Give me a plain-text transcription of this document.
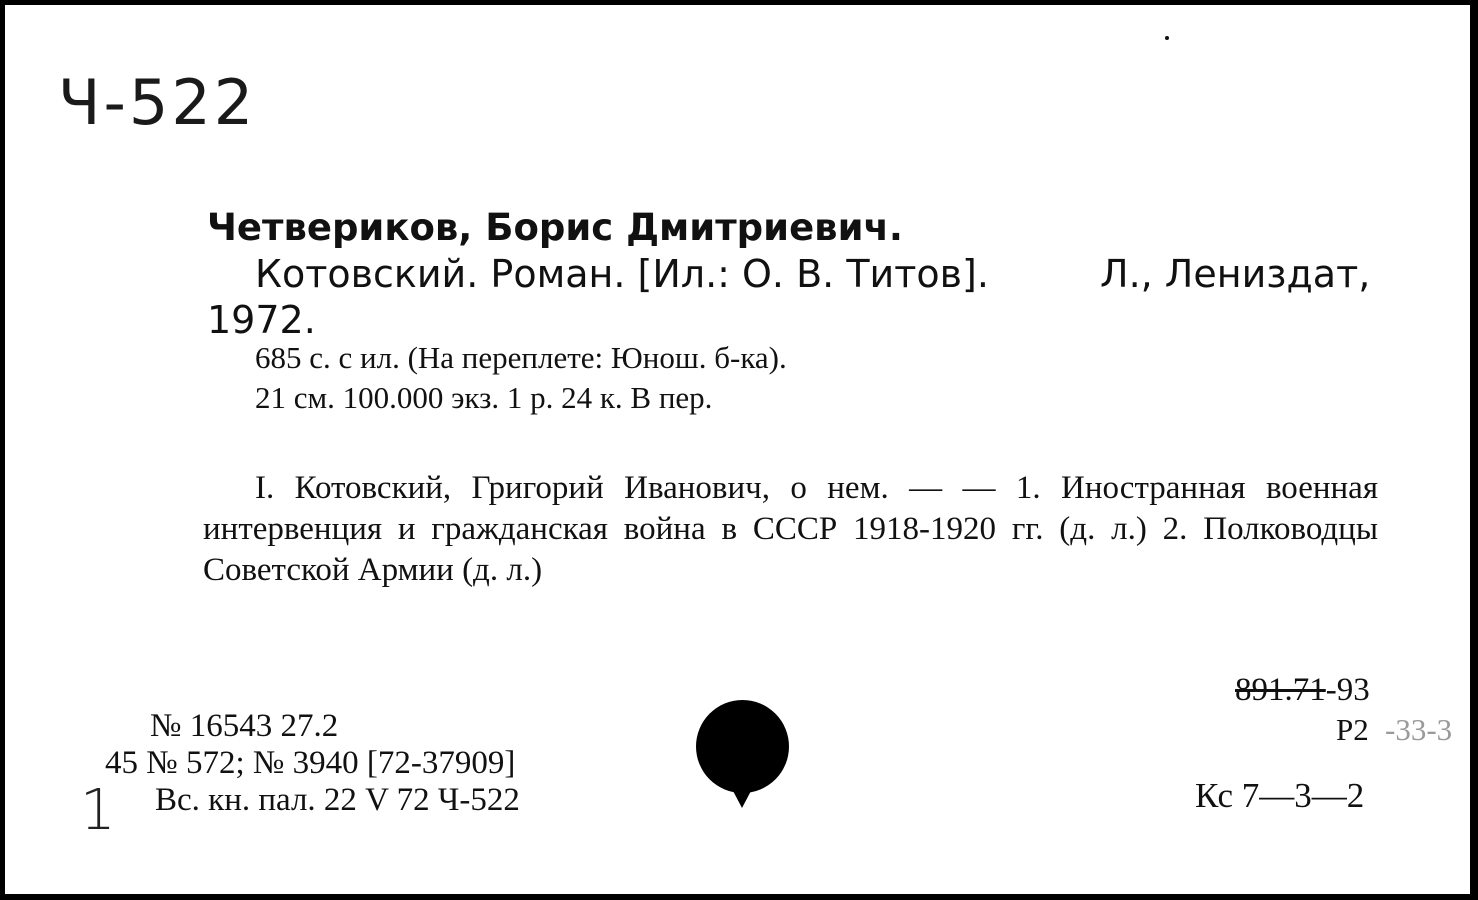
Ч-522
Четвериков, Борис Дмитриевич.
Котовский. Роман. [Ил.: О. В. Титов].	Л., Лениздат,
1972.
685 с. с ил. (На переплете: Юнош. б-ка).
21 см. 100.000 экз. 1 р. 24 к. В пер.
I. Котовский, Григорий Иванович, о нем. — — 1. Иностранная военная интервенция и гражданская война в СССР 1918-1920 гг. (д. л.) 2. Полководцы Советской Армии (д. л.)
1
№ 16543 27.2
45 № 572; № 3940 [72-37909]
Вс. кн. пал. 22 V 72 Ч-522
891.71-93
Р2 -33-3
Кс 7—3—2
